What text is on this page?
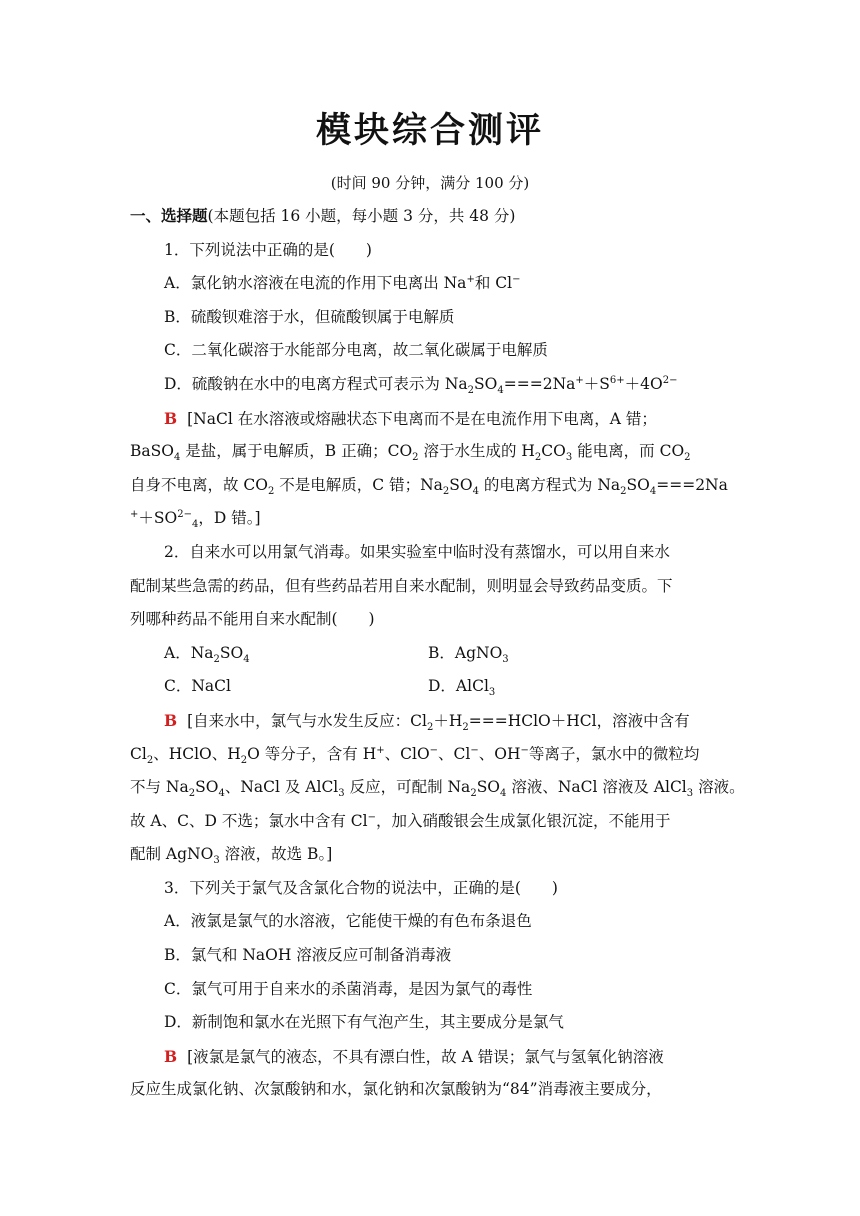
模块综合测评
(时间 90 分钟，满分 100 分)
一、选择题(本题包括 16 小题，每小题 3 分，共 48 分)
1．下列说法中正确的是(　　)
A．氯化钠水溶液在电流的作用下电离出 Na+和 Cl−
B．硫酸钡难溶于水，但硫酸钡属于电解质
C．二氧化碳溶于水能部分电离，故二氧化碳属于电解质
D．硫酸钠在水中的电离方程式可表示为 $Na_2SO_4===2Na^++S^{6+}+4O^{2-}$
B [NaCl 在水溶液或熔融状态下电离而不是在电流作用下电离，A 错；
BaSO$_4$ 是盐，属于电解质，B 正确；$CO_2$ 溶于水生成的 $H_2CO_3$ 能电离，而 $CO_2$
自身不电离，故 $CO_2$ 不是电解质，C 错；$Na_2SO_4$ 的电离方程式为 $Na_2SO_4===2Na$
$^++SO^{2-}_4$，D 错。]
2．自来水可以用氯气消毒。如果实验室中临时没有蒸馏水，可以用自来水
配制某些急需的药品，但有些药品若用自来水配制，则明显会导致药品变质。下
列哪种药品不能用自来水配制(　　)
A．$Na_2SO_4$	B．AgNO$_3$
C．NaCl	D．AlCl$_3$
B [自来水中，氯气与水发生反应：$Cl_2+H_2===HClO+HCl$，溶液中含有
$Cl_2$、HClO、$H_2O$ 等分子，含有 H+、ClO−、Cl−、OH−等离子，氯水中的微粒均
不与 $Na_2SO_4$、NaCl 及 AlCl$_3$ 反应，可配制 $Na_2SO_4$ 溶液、NaCl 溶液及 AlCl$_3$ 溶液。
故 A、C、D 不选；氯水中含有 Cl−，加入硝酸银会生成氯化银沉淀，不能用于
配制 AgNO$_3$ 溶液，故选 B。]
3．下列关于氯气及含氯化合物的说法中，正确的是(　　)
A．液氯是氯气的水溶液，它能使干燥的有色布条退色
B．氯气和 NaOH 溶液反应可制备消毒液
C．氯气可用于自来水的杀菌消毒，是因为氯气的毒性
D．新制饱和氯水在光照下有气泡产生，其主要成分是氯气
B [液氯是氯气的液态，不具有漂白性，故 A 错误；氯气与氢氧化钠溶液
反应生成氯化钠、次氯酸钠和水，氯化钠和次氯酸钠为“84”消毒液主要成分，
